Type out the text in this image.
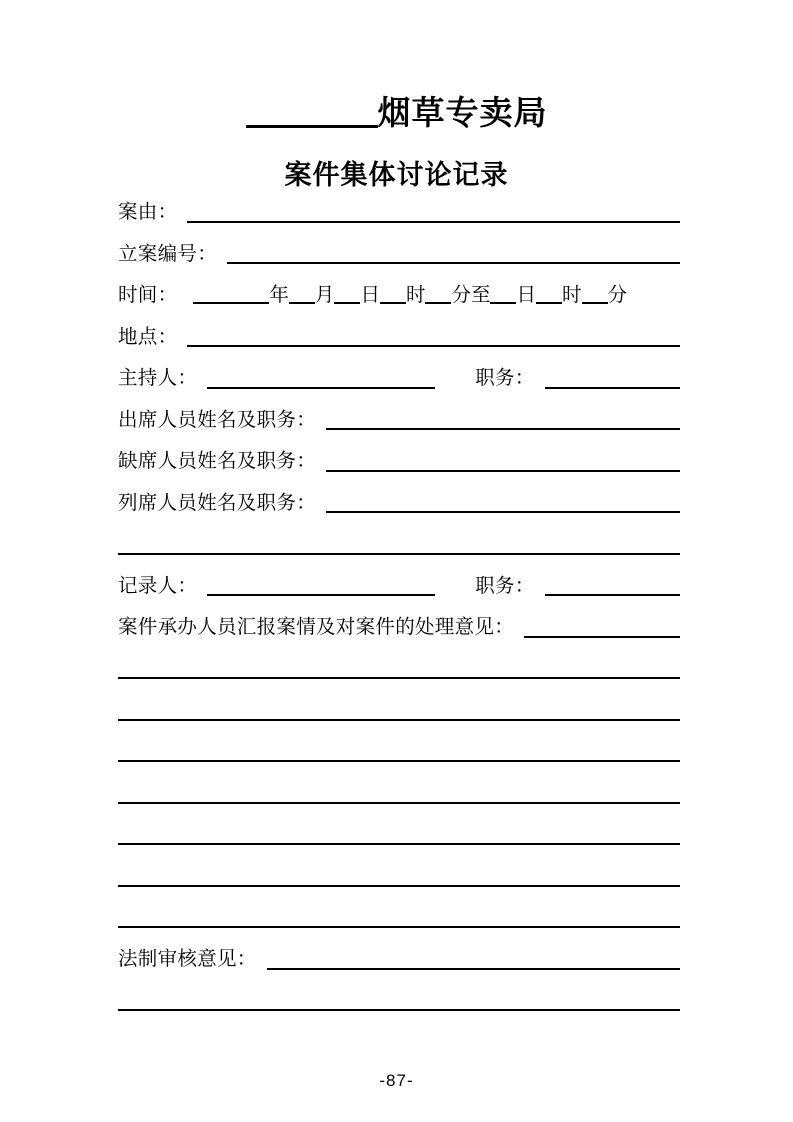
烟草专卖局
案件集体讨论记录
案由：
立案编号：
时间：	年 月 日 时 分至 日 时 分
地点：
主持人：	职务：
出席人员姓名及职务：
缺席人员姓名及职务：
列席人员姓名及职务：
记录人：	职务：
案件承办人员汇报案情及对案件的处理意见：
法制审核意见：
-87-
